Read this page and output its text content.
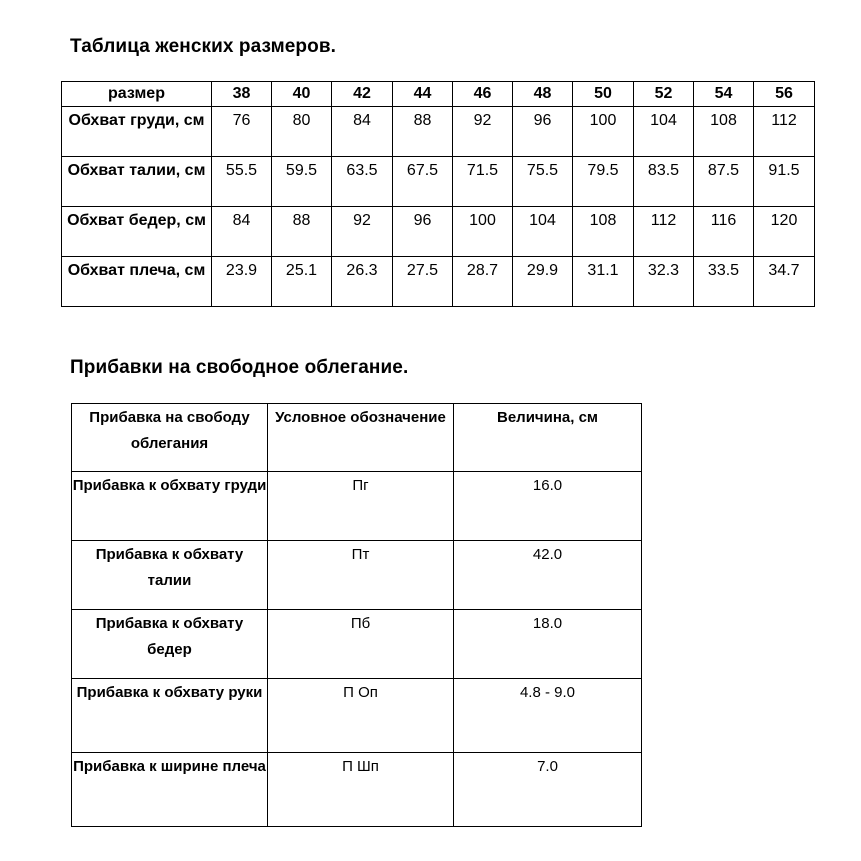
Таблица женских размеров.
размер	38	40	42	44	46	48	50	52	54	56
Обхват груди, см	76	80	84	88	92	96	100	104	108	112
Обхват талии, см	55.5	59.5	63.5	67.5	71.5	75.5	79.5	83.5	87.5	91.5
Обхват бедер, см	84	88	92	96	100	104	108	112	116	120
Обхват плеча, см	23.9	25.1	26.3	27.5	28.7	29.9	31.1	32.3	33.5	34.7
Прибавки на свободное облегание.
Прибавка на свободу облегания	Условное обозначение	Величина, см
Прибавка к обхвату груди	Пг	16.0
Прибавка к обхвату талии	Пт	42.0
Прибавка к обхвату бедер	Пб	18.0
Прибавка к обхвату руки	П Оп	4.8 - 9.0
Прибавка к ширине плеча	П Шп	7.0
